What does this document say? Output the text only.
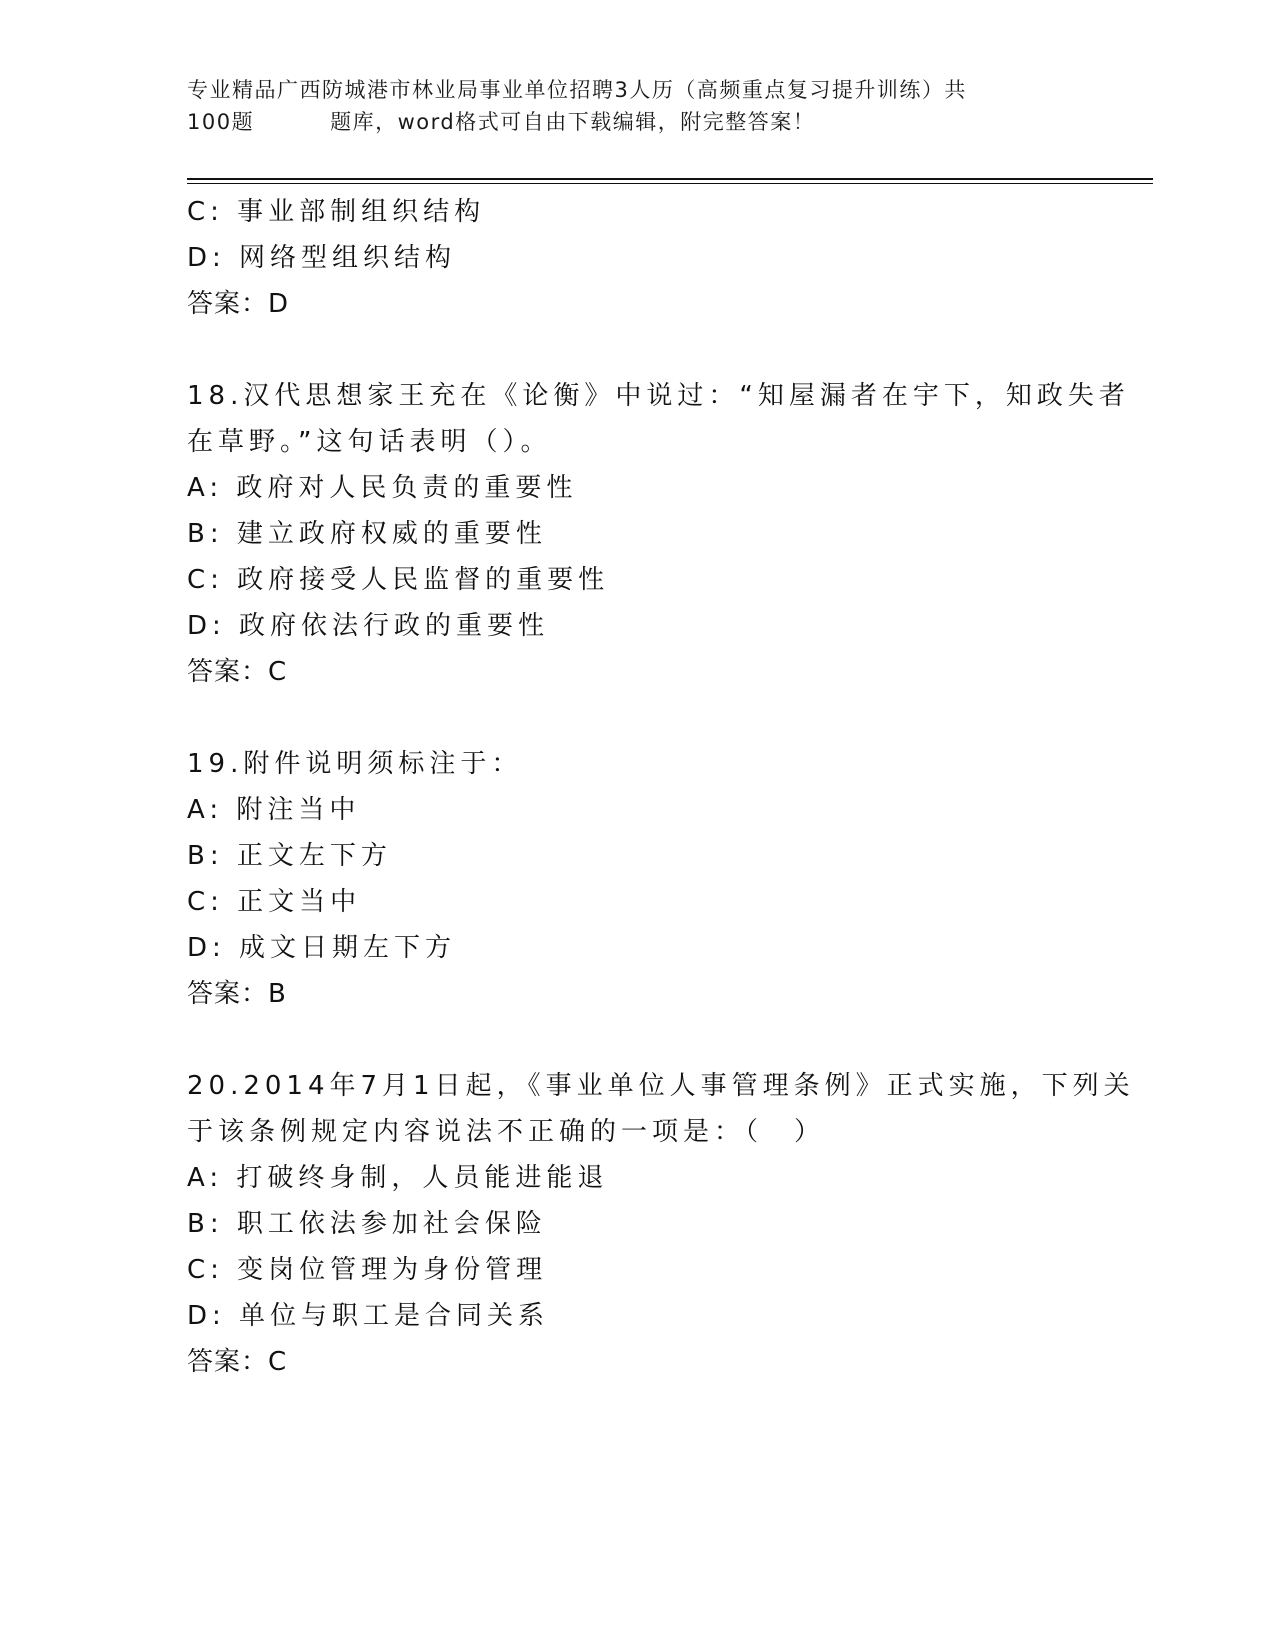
专业精品广西防城港市林业局事业单位招聘3人历（高频重点复习提升训练）共
100题	题库，word格式可自由下载编辑，附完整答案！
C: 事业部制组织结构
D: 网络型组织结构
答案：D
18.汉代思想家王充在《论衡》中说过：“知屋漏者在宇下，知政失者
在草野。”这句话表明（）。
A: 政府对人民负责的重要性
B: 建立政府权威的重要性
C: 政府接受人民监督的重要性
D: 政府依法行政的重要性
答案：C
19.附件说明须标注于：
A: 附注当中
B: 正文左下方
C: 正文当中
D: 成文日期左下方
答案：B
20.2014年7月1日起，《事业单位人事管理条例》正式实施，下列关
于该条例规定内容说法不正确的一项是：（　）
A: 打破终身制，人员能进能退
B: 职工依法参加社会保险
C: 变岗位管理为身份管理
D: 单位与职工是合同关系
答案：C
